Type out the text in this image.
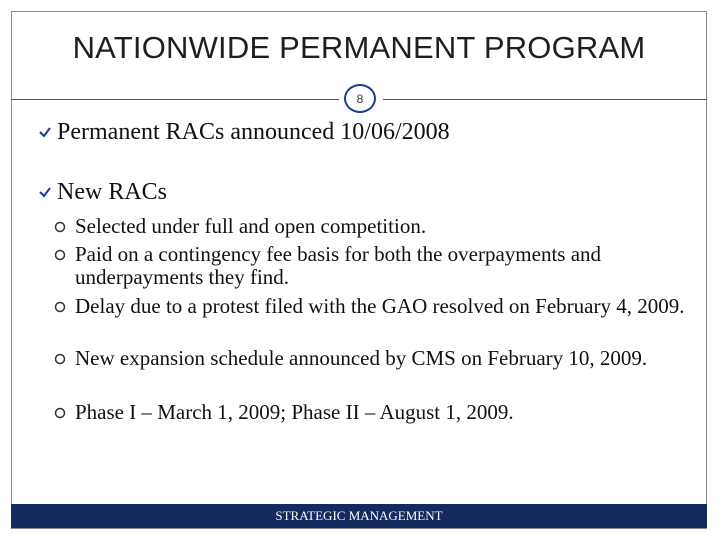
NATIONWIDE PERMANENT PROGRAM
8
Permanent RACs announced 10/06/2008
New RACs
Selected under full and open competition.
Paid on a contingency fee basis for both the overpayments and underpayments they find.
Delay due to a protest filed with the GAO resolved on February 4, 2009.
New expansion schedule announced by CMS on February 10, 2009.
Phase I – March 1, 2009; Phase II – August 1, 2009.
STRATEGIC MANAGEMENT
